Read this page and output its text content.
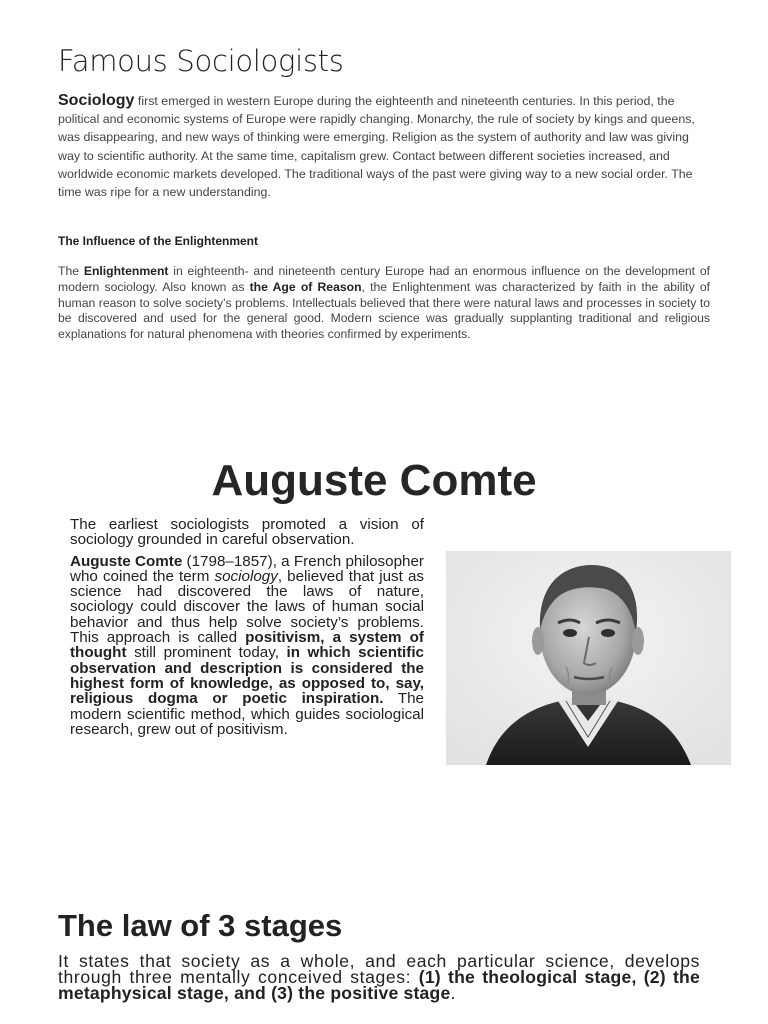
Famous Sociologists
Sociology first emerged in western Europe during the eighteenth and nineteenth centuries. In this period, the political and economic systems of Europe were rapidly changing. Monarchy, the rule of society by kings and queens, was disappearing, and new ways of thinking were emerging. Religion as the system of authority and law was giving way to scientific authority. At the same time, capitalism grew. Contact between different societies increased, and worldwide economic markets developed. The traditional ways of the past were giving way to a new social order. The time was ripe for a new understanding.
The Influence of the Enlightenment
The Enlightenment in eighteenth- and nineteenth century Europe had an enormous influence on the development of modern sociology. Also known as the Age of Reason, the Enlightenment was characterized by faith in the ability of human reason to solve society’s problems. Intellectuals believed that there were natural laws and processes in society to be discovered and used for the general good. Modern science was gradually supplanting traditional and religious explanations for natural phenomena with theories confirmed by experiments.
Auguste Comte

The earliest sociologists promoted a vision of sociology grounded in careful observation.

Auguste Comte (1798–1857), a French philosopher who coined the term sociology, believed that just as science had discovered the laws of nature, sociology could discover the laws of human social behavior and thus help solve society’s problems. This approach is called positivism, a system of thought still prominent today, in which scientific observation and description is considered the highest form of knowledge, as opposed to, say, religious dogma or poetic inspiration. The modern scientific method, which guides sociological research, grew out of positivism.

The law of 3 stages
It states that society as a whole, and each particular science, develops through three mentally conceived stages: (1) the theological stage, (2) the metaphysical stage, and (3) the positive stage.
